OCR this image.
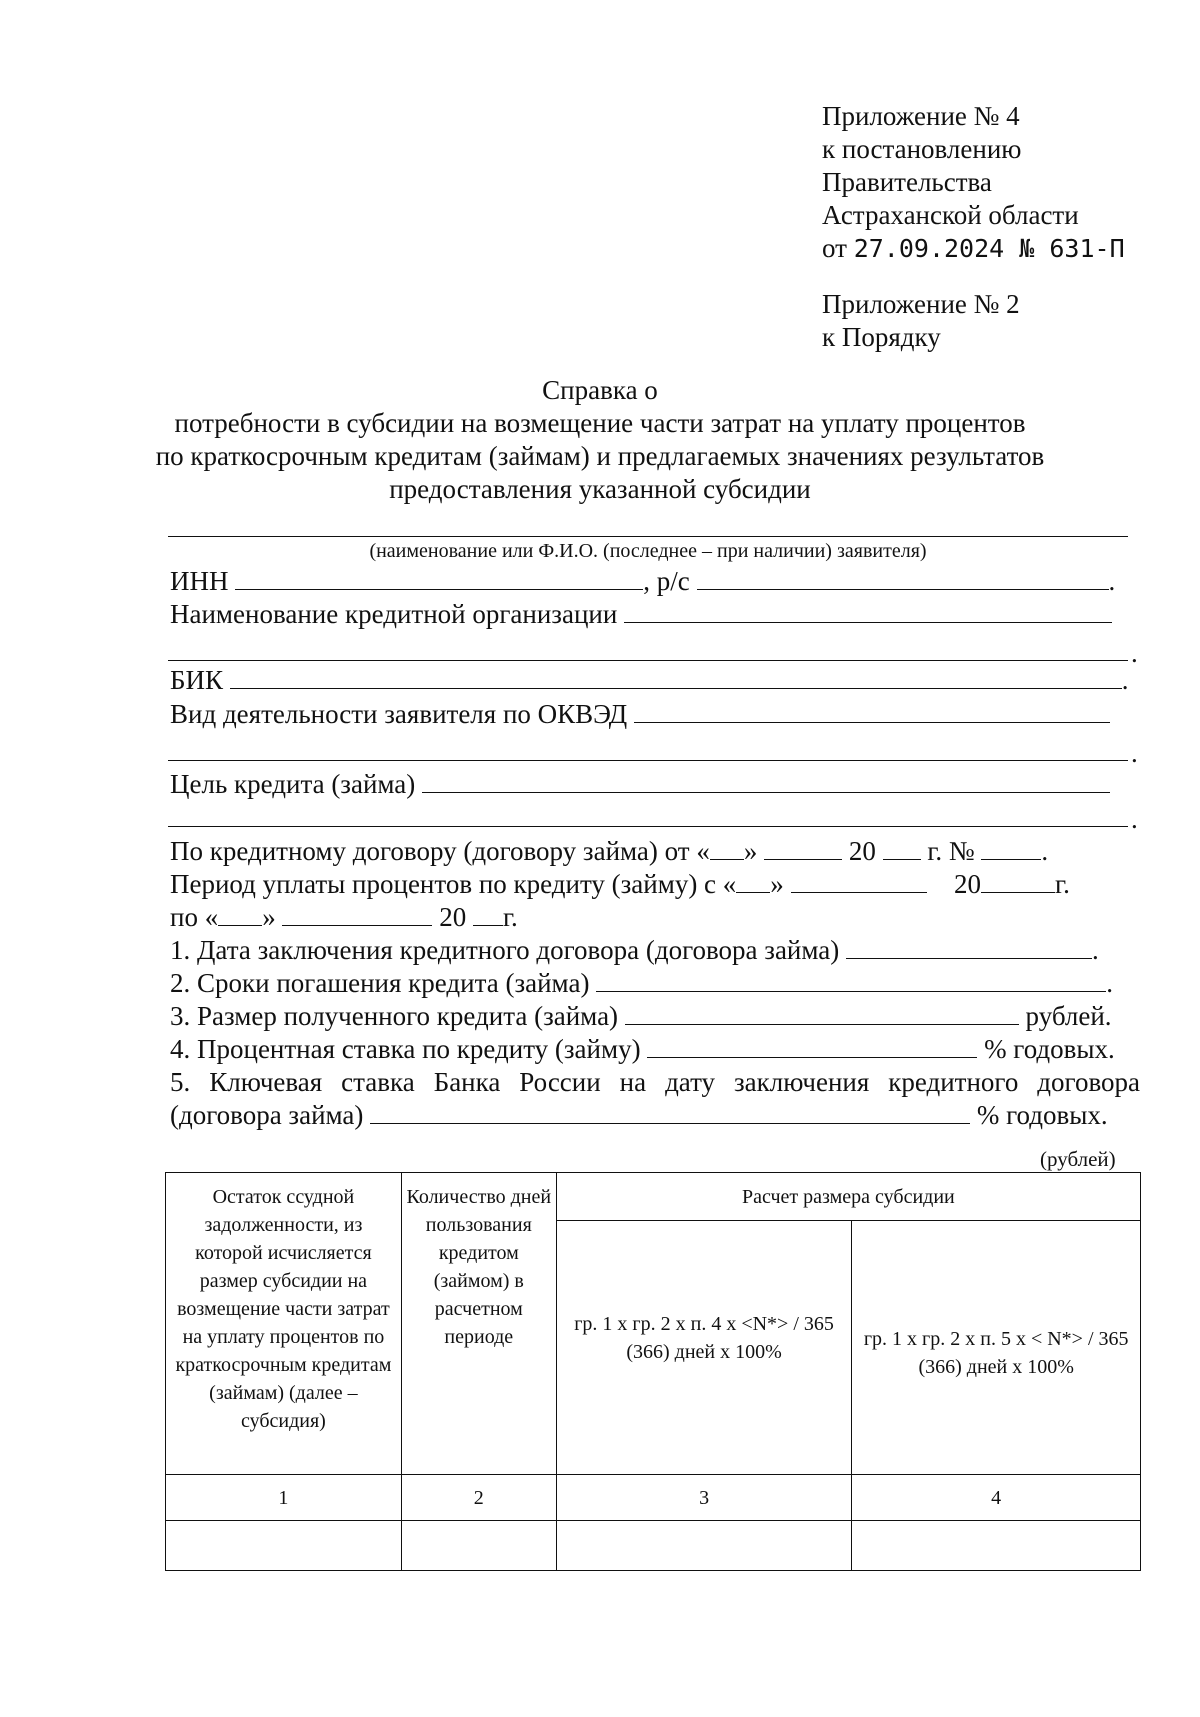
Приложение № 4
к постановлению
Правительства
Астраханской области
от 27.09.2024 № 631-П
Приложение № 2
к Порядку
Справка о
потребности в субсидии на возмещение части затрат на уплату процентов
по краткосрочным кредитам (займам) и предлагаемых значениях результатов
предоставления указанной субсидии
(наименование или Ф.И.О. (последнее – при наличии) заявителя)
ИНН	, р/с	.
Наименование кредитной организации
.
БИК	.
Вид деятельности заявителя по ОКВЭД
.
Цель кредита (займа)
.
По кредитному договору (договору займа) от « »	20 г. № .
Период уплаты процентов по кредиту (займу) с « »	20	г.
по « »	20 г.
1. Дата заключения кредитного договора (договора займа)	.
2. Сроки погашения кредита (займа)	.
3. Размер полученного кредита (займа)	рублей.
4. Процентная ставка по кредиту (займу)	% годовых.
5. Ключевая ставка Банка России на дату заключения кредитного договора
(договора займа)	% годовых.
(рублей)
Остаток ссудной задолженности, из которой исчисляется размер субсидии на возмещение части затрат на уплату процентов по краткосрочным кредитам (займам) (далее – субсидия)	Количество дней пользования кредитом (займом) в расчетном периоде	Расчет размера субсидии	
		гр. 1 х гр. 2 х п. 4 х <N*> / 365 (366) дней х 100%	гр. 1 х гр. 2 х п. 5 х < N*> / 365 (366) дней х 100%
1	2	3	4
